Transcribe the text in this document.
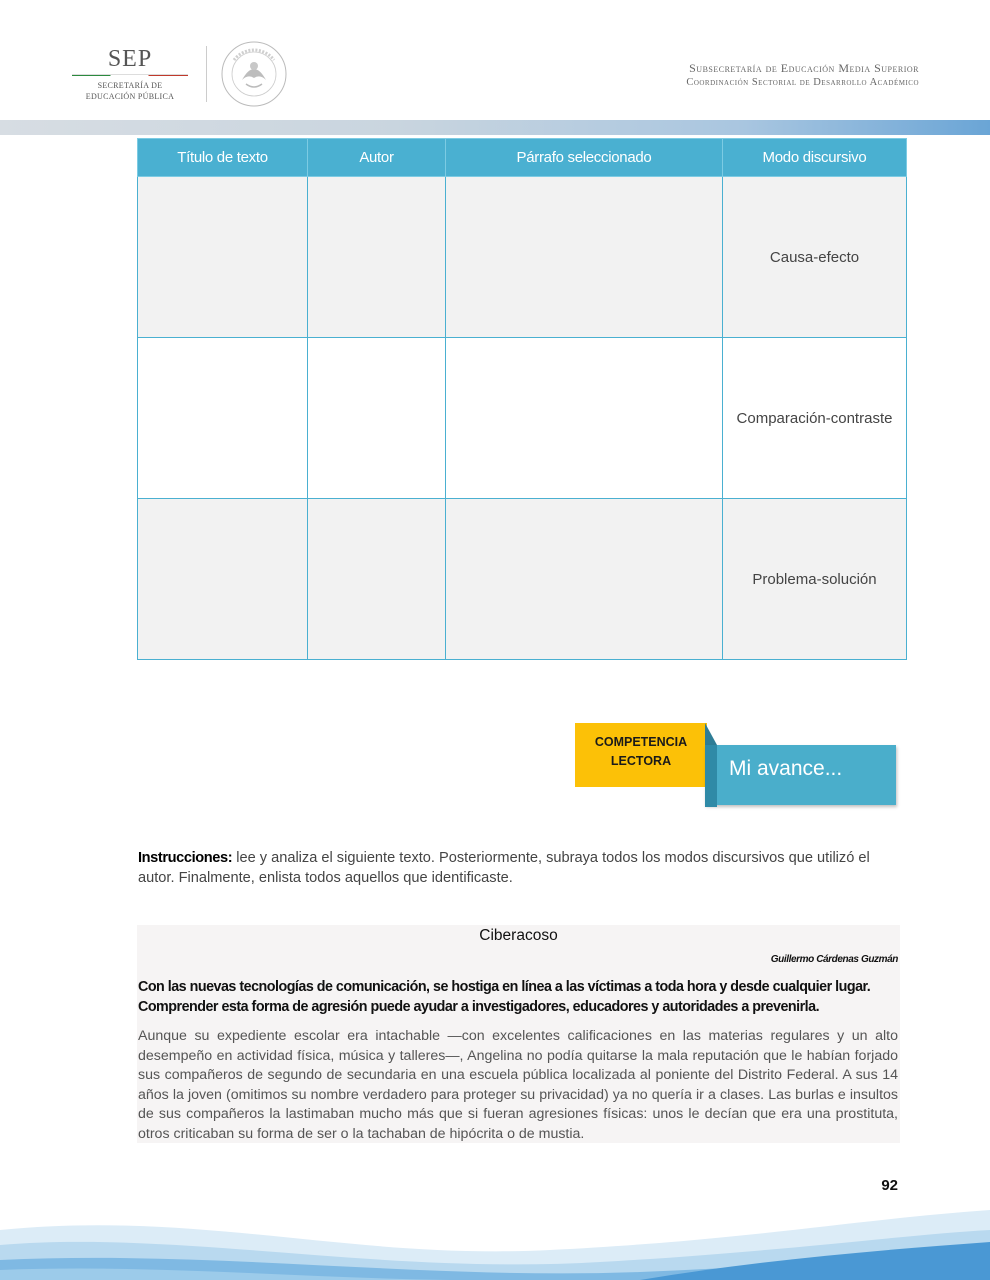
SEP
SECRETARÍA DE
EDUCACIÓN PÚBLICA
Subsecretaría de Educación Media Superior
Coordinación Sectorial de Desarrollo Académico
Título de texto	Autor	Párrafo seleccionado	Modo discursivo
			Causa-efecto
			Comparación-contraste
			Problema-solución
COMPETENCIA
LECTORA	Mi avance...

Instrucciones: lee y analiza el siguiente texto. Posteriormente, subraya todos los modos discursivos que utilizó el autor. Finalmente, enlista todos aquellos que identificaste.

Ciberacoso
Guillermo Cárdenas Guzmán
Con las nuevas tecnologías de comunicación, se hostiga en línea a las víctimas a toda hora y desde cualquier lugar. Comprender esta forma de agresión puede ayudar a investigadores, educadores y autoridades a prevenirla.
Aunque su expediente escolar era intachable —con excelentes calificaciones en las materias regulares y un alto desempeño en actividad física, música y talleres—, Angelina no podía quitarse la mala reputación que le habían forjado sus compañeros de segundo de secundaria en una escuela pública localizada al poniente del Distrito Federal. A sus 14 años la joven (omitimos su nombre verdadero para proteger su privacidad) ya no quería ir a clases. Las burlas e insultos de sus compañeros la lastimaban mucho más que si fueran agresiones físicas: unos le decían que era una prostituta, otros criticaban su forma de ser o la tachaban de hipócrita o de mustia.
92
